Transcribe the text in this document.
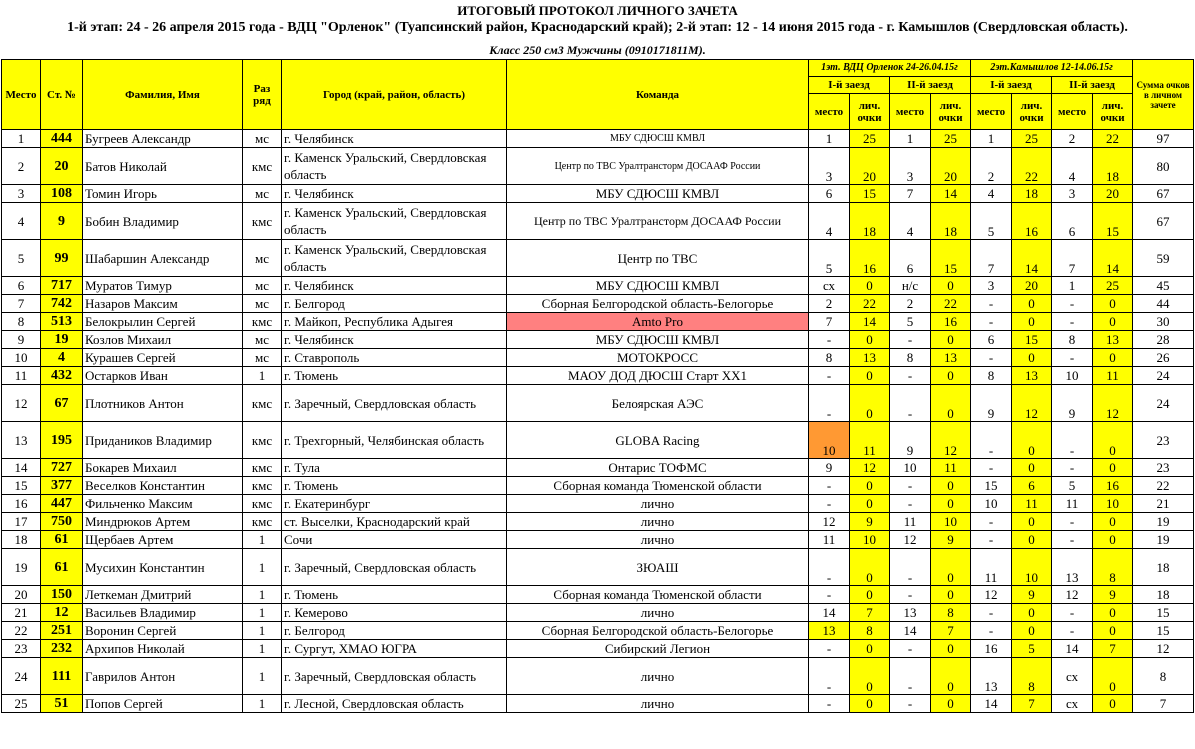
ИТОГОВЫЙ ПРОТОКОЛ ЛИЧНОГО ЗАЧЕТА
1-й этап: 24 - 26 апреля 2015 года - ВДЦ "Орленок" (Туапсинский район, Краснодарский край); 2-й этап: 12 - 14 июня 2015 года - г. Камышлов (Свердловская область).
Класс 250 см3 Мужчины (0910171811М).
Место	Ст. №	Фамилия, Имя	Раз ряд	Город (край, район, область)	Команда	1эт. ВДЦ Орленок 24-26.04.15г				2эт.Камышлов 12-14.06.15г				Сумма очков в личном зачете
						I-й заезд		II-й заезд		I-й заезд		II-й заезд		
						место	лич. очки	место	лич. очки	место	лич. очки	место	лич. очки	
1	444	Бугреев Александр	мс	г. Челябинск	МБУ СДЮСШ КМВЛ	1	25	1	25	1	25	2	22	97
2	20	Батов Николай	кмс	г. Каменск Уральский, Свердловская область	Центр по ТВС Уралтрансторм ДОСААФ России	3	20	3	20	2	22	4	18	80
3	108	Томин Игорь	мс	г. Челябинск	МБУ СДЮСШ КМВЛ	6	15	7	14	4	18	3	20	67
4	9	Бобин Владимир	кмс	г. Каменск Уральский, Свердловская область	Центр по ТВС Уралтрансторм ДОСААФ России	4	18	4	18	5	16	6	15	67
5	99	Шабаршин Александр	мс	г. Каменск Уральский, Свердловская область	Центр по ТВС	5	16	6	15	7	14	7	14	59
6	717	Муратов Тимур	мс	г. Челябинск	МБУ СДЮСШ КМВЛ	сх	0	н/с	0	3	20	1	25	45
7	742	Назаров Максим	мс	г. Белгород	Сборная Белгородской область-Белогорье	2	22	2	22	-	0	-	0	44
8	513	Белокрылин Сергей	кмс	г. Майкоп, Республика Адыгея	Amto Pro	7	14	5	16	-	0	-	0	30
9	19	Козлов Михаил	мс	г. Челябинск	МБУ СДЮСШ КМВЛ	-	0	-	0	6	15	8	13	28
10	4	Курашев Сергей	мс	г. Ставрополь	МОТОКРОСС	8	13	8	13	-	0	-	0	26
11	432	Остарков Иван	1	г. Тюмень	МАОУ ДОД ДЮСШ Старт ХХ1	-	0	-	0	8	13	10	11	24
12	67	Плотников Антон	кмс	г. Заречный, Свердловская область	Белоярская АЭС	-	0	-	0	9	12	9	12	24
13	195	Придаников Владимир	кмс	г. Трехгорный, Челябинская область	GLOBA Racing	10	11	9	12	-	0	-	0	23
14	727	Бокарев Михаил	кмс	г. Тула	Онтарис ТОФМС	9	12	10	11	-	0	-	0	23
15	377	Веселков Константин	кмс	г. Тюмень	Сборная команда Тюменской области	-	0	-	0	15	6	5	16	22
16	447	Фильченко Максим	кмс	г. Екатеринбург	лично	-	0	-	0	10	11	11	10	21
17	750	Миндрюков Артем	кмс	ст. Выселки, Краснодарский край	лично	12	9	11	10	-	0	-	0	19
18	61	Щербаев Артем	1	Сочи	лично	11	10	12	9	-	0	-	0	19
19	61	Мусихин Константин	1	г. Заречный, Свердловская область	ЗЮАШ	-	0	-	0	11	10	13	8	18
20	150	Леткеман Дмитрий	1	г. Тюмень	Сборная команда Тюменской области	-	0	-	0	12	9	12	9	18
21	12	Васильев Владимир	1	г. Кемерово	лично	14	7	13	8	-	0	-	0	15
22	251	Воронин Сергей	1	г. Белгород	Сборная Белгородской область-Белогорье	13	8	14	7	-	0	-	0	15
23	232	Архипов Николай	1	г. Сургут, ХМАО ЮГРА	Сибирский Легион	-	0	-	0	16	5	14	7	12
24	111	Гаврилов Антон	1	г. Заречный, Свердловская область	лично	-	0	-	0	13	8	сх	0	8
25	51	Попов Сергей	1	г. Лесной, Свердловская область	лично	-	0	-	0	14	7	сх	0	7
